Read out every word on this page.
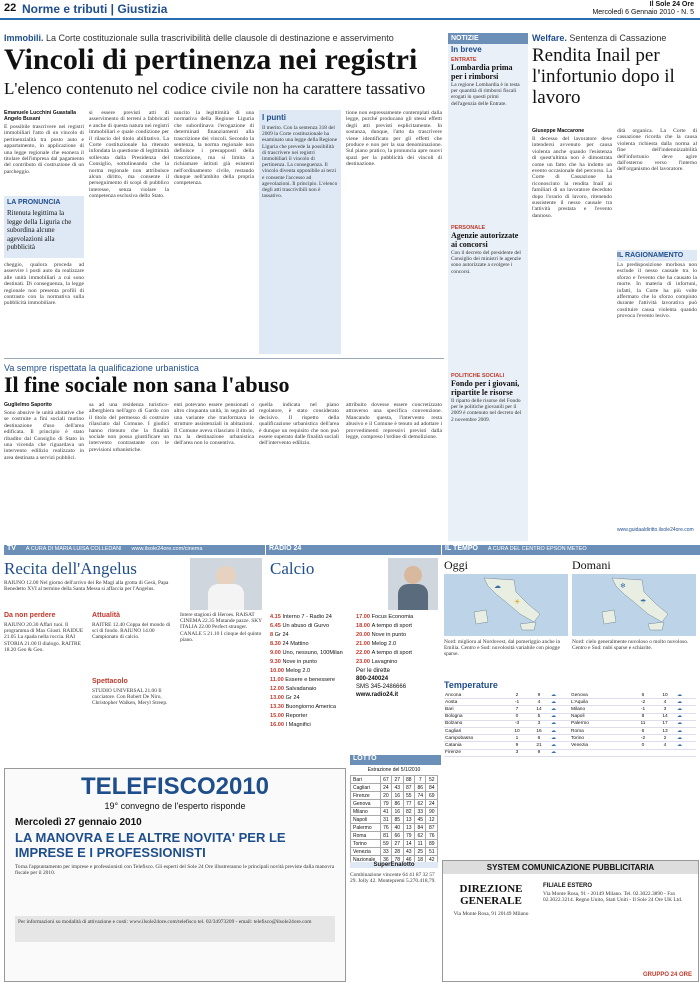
22 Norme e tributi | Giustizia	Il Sole 24 Ore
Mercoledì 6 Gennaio 2010 - N. 5
Immobili. La Corte costituzionale sulla trascrivibilità delle clausole di destinazione e asservimento
Vincoli di pertinenza nei registri
L'elenco contenuto nel codice civile non ha carattere tassativo
Emanuele Lucchini Guastalla Angelo Busani
È possibile trascrivere nei registri immobiliari l'atto di un vincolo di pertinenzialità tra posto auto e appartamento, in applicazione di una legge regionale che esonera il titolare dell'impresa dal pagamento del contributo di costruzione di un parcheggio.
LA PRONUNCIA
Ritenuta legittima la legge della Liguria che subordina alcune agevolazioni alla pubblicità
cheggio, qualora proceda ad asservire i posti auto da realizzare alle unità immobiliari a cui sono destinati. Di conseguenza, la legge regionale non presenta profili di contrasto con la normativa sulla pubblicità immobiliare.
si essere previsti atti di asservimento di terreni a fabbricati e anche di questa natura nei registri immobiliari e quale condizione per il rilascio del titolo abilitativo. La Corte costituzionale ha ritenuto infondata la questione di legittimità sollevata dalla Presidenza del Consiglio, sottolineando che la norma regionale non attribuisce alcun diritto, ma consente il perseguimento di scopi di pubblico interesse, senza violare la competenza esclusiva dello Stato.
sancito la legittimità di una normativa della Regione Liguria che subordinava l'erogazione di determinati finanziamenti alla trascrizione dei vincoli. Secondo la sentenza, la norma regionale non definisce i presupposti della trascrizione, ma si limita a richiamare istituti già esistenti nell'ordinamento civile, restando dunque nell'ambito della propria competenza.
I punti
Il merito. Con la sentenza 318 del 2009 la Corte costituzionale ha esaminato una legge della Regione Liguria che prevede la possibilità di trascrivere nei registri immobiliari il vincolo di pertinenza. La conseguenza. Il vincolo diventa opponibile ai terzi e consente l'accesso ad agevolazioni. Il principio. L'elenco degli atti trascrivibili non è tassativo.
tione non espressamente contemplati dalla legge, purché producano gli stessi effetti degli atti previsti esplicitamente. In sostanza, dunque, l'atto da trascrivere viene identificato per gli effetti che produce e non per la sua denominazione. Sul piano pratico, la pronuncia apre nuovi spazi per la pubblicità dei vincoli di destinazione.
Va sempre rispettata la qualificazione urbanistica
Il fine sociale non sana l'abuso
Guglielmo Saporito
Sono abusive le unità abitative che se costruite a fini sociali mutino destinazione d'uso dell'area edificata. Il principio è stato ribadito dal Consiglio di Stato in una vicenda che riguardava un intervento edilizio realizzato in area destinata a servizi pubblici.
sa ad una residenza turistico-alberghiera nell'agro di Gardo con il titolo del permesso di costruire rilasciato dal Comune. I giudici hanno ritenuto che la finalità sociale non possa giustificare un intervento contrastante con le previsioni urbanistiche.
enti potevano essere pensionati o altro cinquanta unità, in seguito ad una variante che trasformava le strutture assistenziali in abitazioni. Il Comune aveva rilasciato il titolo, ma la destinazione urbanistica dell'area non lo consentiva.
quella indicata nel piano regolatore, è stato considerato decisivo. Il rispetto della qualificazione urbanistica dell'area è dunque un requisito che non può essere superato dalle finalità sociali dell'intervento edilizio.
attribuito dovesse essere concretizzato attraverso una specifica convenzione. Mancando questa, l'intervento resta abusivo e il Comune è tenuto ad adottare i provvedimenti repressivi previsti dalla legge, compreso l'ordine di demolizione.
NOTIZIE
In breve
ENTRATE
Lombardia prima per i rimborsi
La regione Lombardia è in testa per quantità di rimborsi fiscali erogati in questi primi dell'agenzia delle Entrate.
PERSONALE
Agenzie autorizzate ai concorsi
Con il decreto del presidente del Consiglio dei ministri le agenzie sono autorizzate a svolgere i concorsi.
POLITICHE SOCIALI
Fondo per i giovani, ripartite le risorse
Il riparto delle risorse del Fondo per le politiche giovanili per il 2009 è contenuto nel decreto del 2 novembre 2009.
Welfare. Sentenza di Cassazione
Rendita Inail per l'infortunio dopo il lavoro
Giuseppe Maccarone
Il decesso del lavoratore deve intendersi avvenuto per causa violenta anche quando l'esistenza di quest'ultima non è dimostrata come un fatto che ha indotto un evento occasionale del percorso. La Corte di Cassazione ha riconosciuto la rendita Inail ai familiari di un lavoratore deceduto dopo l'orario di lavoro, ritenendo sussistente il nesso causale tra l'attività prestata e l'evento dannoso.
dità organica. La Corte di cassazione ricorda che la causa violenta richiesta dalla norma al fine dell'indennizzabilità dell'infortunio deve agire dall'esterno verso l'interno dell'organismo del lavoratore.
IL RAGIONAMENTO
La predisposizione morbosa non esclude il nesso causale tra lo sforzo e l'evento che ha causato la morte. In materia di infortuni, infatti, la Corte ha più volte affermato che lo sforzo compiuto durante l'attività lavorativa può costituire causa violenta quando provoca l'evento lesivo.
www.guidaaldiritto.ilsole24ore.com
TV A CURA DI MARIA LUISA COLLEDANI www.ilsole24ore.com/cinema
Recita dell'Angelus
RAIUNO 12.00 Nel giorno dell'arrivo dei Re Magi alla grotta di Gesù, Papa Benedetto XVI al termine della Santa Messa si affaccia per l'Angelus.
Da non perdere
RAIUNO 20.30 Affari tuoi. Il programma di Max Giusti. RAIDUE 21.05 La spada nella roccia. RAI STORIA 21.00 Il dialogo. RAITRE 18.20 Geo & Geo.
Attualità
RAITRE 12.40 Coppa del mondo di sci di fondo. RAIUNO 14.00 Campionato di calcio.
Spettacolo
STUDIO UNIVERSAL 21.00 Il cacciatore. Con Robert De Niro, Christopher Walken, Meryl Streep.
Intere stagioni di Heroes. RAISAT CINEMA 22.35 Mutande pazze. SKY ITALIA 22.00 Perfect stranger. CANALE 5 21.10 I cinque del quinto piano.
RADIO 24
Calcio
4.15 Interno 7 - Radio 24
6.45 Un abuso di Gurvo
8 Gr 24
8.30 24 Mattino
9.00 Uno, nessuno, 100Milan
9.30 Nove in punto
10.00 Melog 2.0
11.00 Essere e benessere
12.00 Salvadanaio
13.00 Gr 24
13.30 Buongiorno America
15.00 Reporter
16.00 I Magnifici
17.00 Focus Economia
18.00 A tempo di sport
20.00 Nove in punto
21.00 Melog 2.0
22.00 A tempo di sport
23.00 Lavagnino
Per le dirette
800-240024
SMS 345-2486666
www.radio24.it
IL TEMPO A CURA DEL CENTRO EPSON METEO
Oggi	Domani
☁
☀
❄
☂
Nord: migliora al Nordovest, dal pomeriggio anche in Emilia. Centro e Sud: nuvolosità variabile con piogge sparse.
Nord: cielo generalmente nuvoloso o molto nuvoloso. Centro e Sud: nubi sparse e schiarite.
Temperature
Ancona	2	9	☁	Genova	6	10	☁
Aosta	-1	4	☁	L'Aquila	-2	4	☁
Bari	7	14	☁	Milano	-1	3	☁
Bologna	0	5	☁	Napoli	8	14	☁
Bolzano	-3	3	☁	Palermo	11	17	☁
Cagliari	10	16	☁	Roma	6	13	☁
Campobasso	1	6	☁	Torino	-2	2	☁
Catania	9	21	☁	Venezia	0	4	☁
Firenze	3	9	☁				
LOTTO
Estrazione del 5/1/2010
Bari	67	27	88	7	52
Cagliari	24	43	87	86	84
Firenze	20	16	55	74	69
Genova	79	86	77	62	24
Milano	41	16	82	33	90
Napoli	31	85	13	45	12
Palermo	76	40	13	84	87
Roma	81	66	79	62	76
Torino	59	27	14	11	89
Venezia	33	28	43	25	51
Nazionale	36	78	46	18	42
SuperEnalotto
Combinazione vincente 64 41 87 32 57 29. Jolly 42. Montepremi 5.270.418,79.
TELEFISCO2010
19° convegno de l'esperto risponde
Mercoledì 27 gennaio 2010
LA MANOVRA E LE ALTRE NOVITA' PER LE IMPRESE E I PROFESSIONISTI
Torna l'appuntamento per imprese e professionisti con Telefisco. Gli esperti del Sole 24 Ore illustreranno le principali novità previste dalla manovra fiscale per il 2010.
Per informazioni su modalità di attivazione e costi: www.ilsole24ore.com/telefisco tel. 02/34973209 - email: telefisco@ilsole24ore.com
SYSTEM COMUNICAZIONE PUBBLICITARIA
DIREZIONE GENERALE
Via Monte Rosa, 91 20149 Milano
FILIALE ESTERO
Via Monte Rosa, 91 - 20149 Milano. Tel. 02.3022.3890 - Fax 02.3022.3214. Regno Unito, Stati Uniti - Il Sole 24 Ore UK Ltd.
GRUPPO 24 ORE
